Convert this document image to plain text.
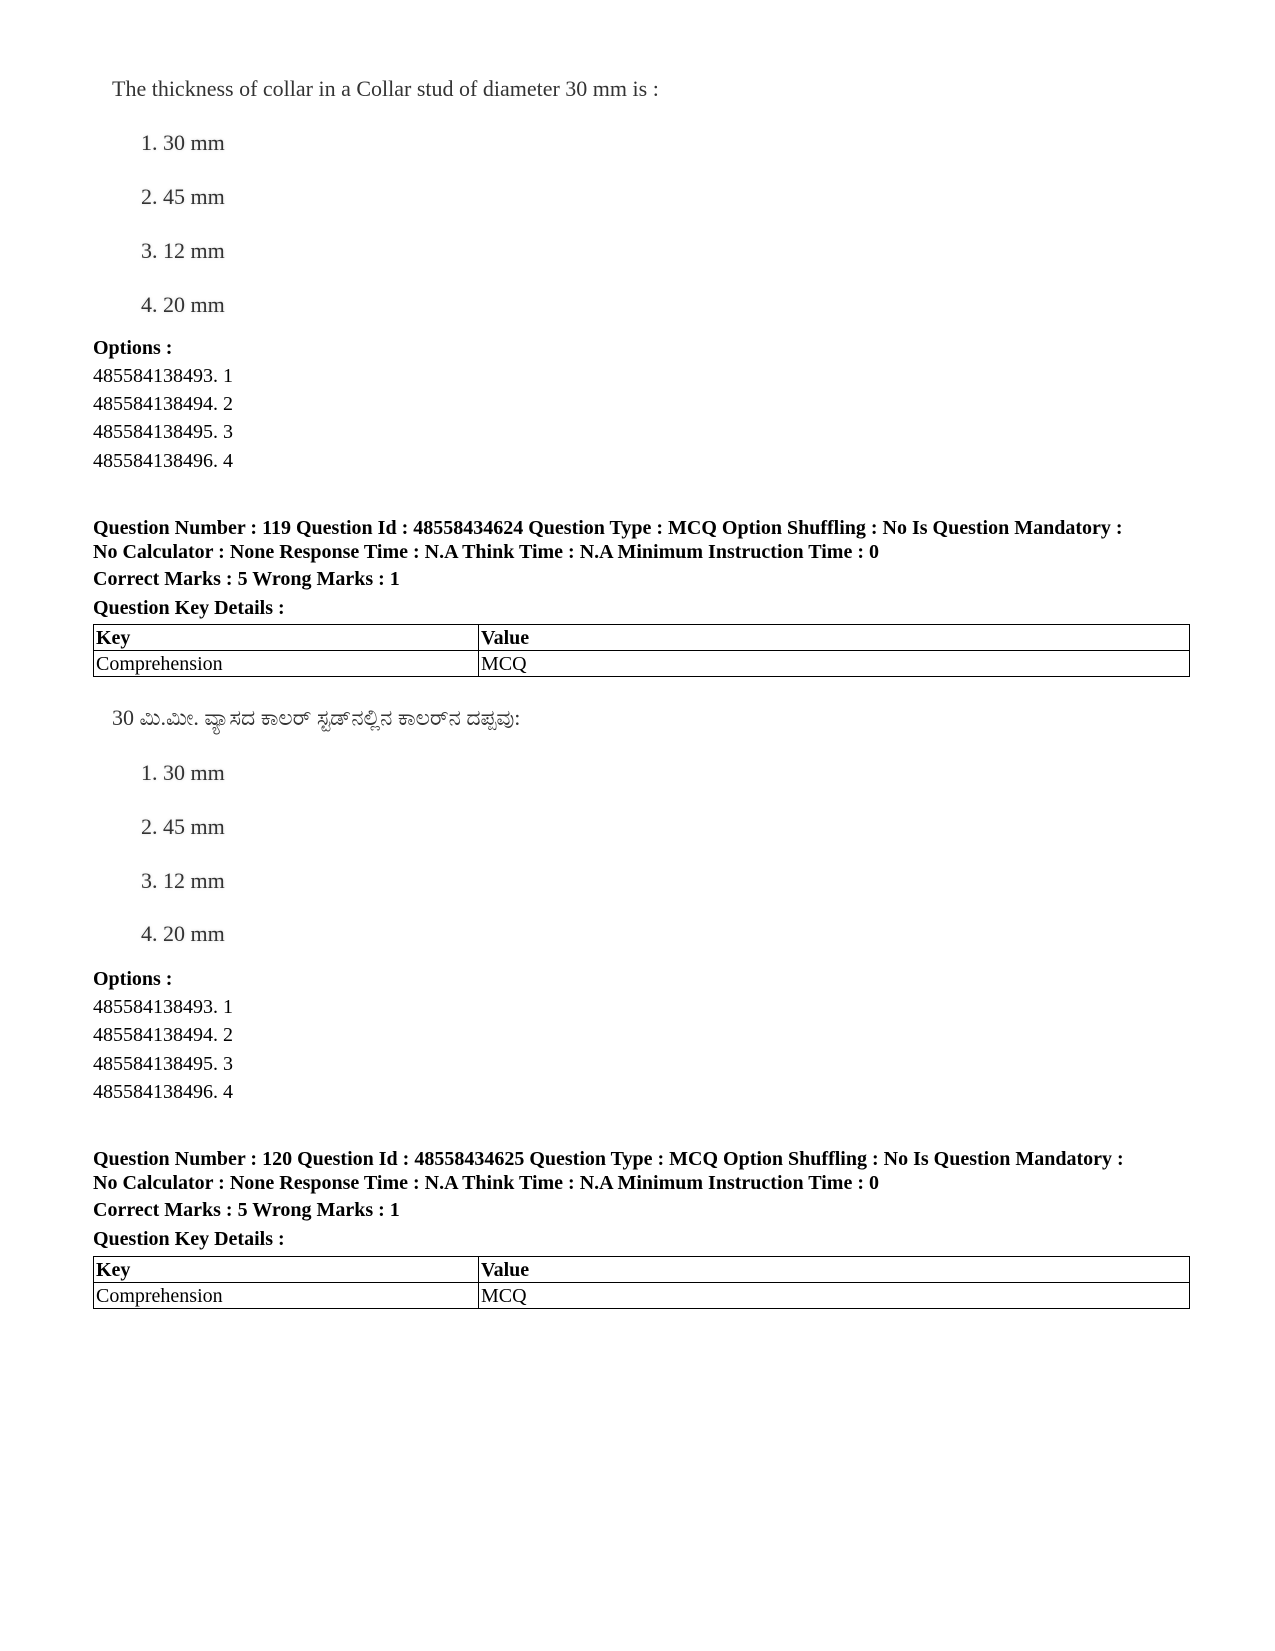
The thickness of collar in a Collar stud of diameter 30 mm is :
1. 30 mm
2. 45 mm
3. 12 mm
4. 20 mm
Options :
485584138493. 1
485584138494. 2
485584138495. 3
485584138496. 4
Question Number : 119 Question Id : 48558434624 Question Type : MCQ Option Shuffling : No Is Question Mandatory :
No Calculator : None Response Time : N.A Think Time : N.A Minimum Instruction Time : 0
Correct Marks : 5 Wrong Marks : 1
Question Key Details :
Key	Value
Comprehension	MCQ
30 ಮಿ.ಮೀ. ವ್ಯಾಸದ ಕಾಲರ್ ಸ್ಟಡ್‌ನಲ್ಲಿನ ಕಾಲರ್‌ನ ದಪ್ಪವು:
1. 30 mm
2. 45 mm
3. 12 mm
4. 20 mm
Options :
485584138493. 1
485584138494. 2
485584138495. 3
485584138496. 4
Question Number : 120 Question Id : 48558434625 Question Type : MCQ Option Shuffling : No Is Question Mandatory :
No Calculator : None Response Time : N.A Think Time : N.A Minimum Instruction Time : 0
Correct Marks : 5 Wrong Marks : 1
Question Key Details :
Key	Value
Comprehension	MCQ
